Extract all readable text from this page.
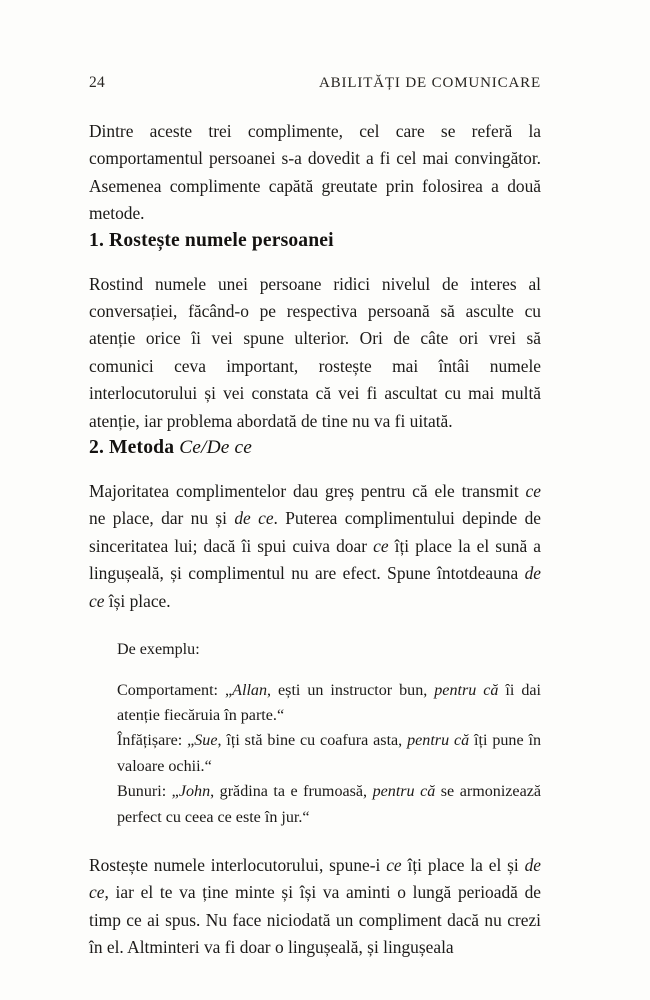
24	ABILITĂȚI DE COMUNICARE

Dintre aceste trei complimente, cel care se referă la comportamentul persoanei s-a dovedit a fi cel mai convingător. Asemenea complimente capătă greutate prin folosirea a două metode.

1. Rostește numele persoanei

Rostind numele unei persoane ridici nivelul de interes al conversației, făcând-o pe respectiva persoană să asculte cu atenție orice îi vei spune ulterior. Ori de câte ori vrei să comunici ceva important, rostește mai întâi numele interlocutorului și vei constata că vei fi ascultat cu mai multă atenție, iar problema abordată de tine nu va fi uitată.

2. Metoda Ce/De ce

Majoritatea complimentelor dau greș pentru că ele transmit ce ne place, dar nu și de ce. Puterea complimentului depinde de sinceritatea lui; dacă îi spui cuiva doar ce îți place la el sună a lingușeală, și complimentul nu are efect. Spune întotdeauna de ce își place.

De exemplu:

Comportament: „Allan, ești un instructor bun, pentru că îi dai atenție fiecăruia în parte.“

Înfățișare: „Sue, îți stă bine cu coafura asta, pentru că îți pune în valoare ochii.“

Bunuri: „John, grădina ta e frumoasă, pentru că se armonizează perfect cu ceea ce este în jur.“

Rostește numele interlocutorului, spune-i ce îți place la el și de ce, iar el te va ține minte și își va aminti o lungă perioadă de timp ce ai spus. Nu face niciodată un compliment dacă nu crezi în el. Altminteri va fi doar o lingușeală, și lingușeala
